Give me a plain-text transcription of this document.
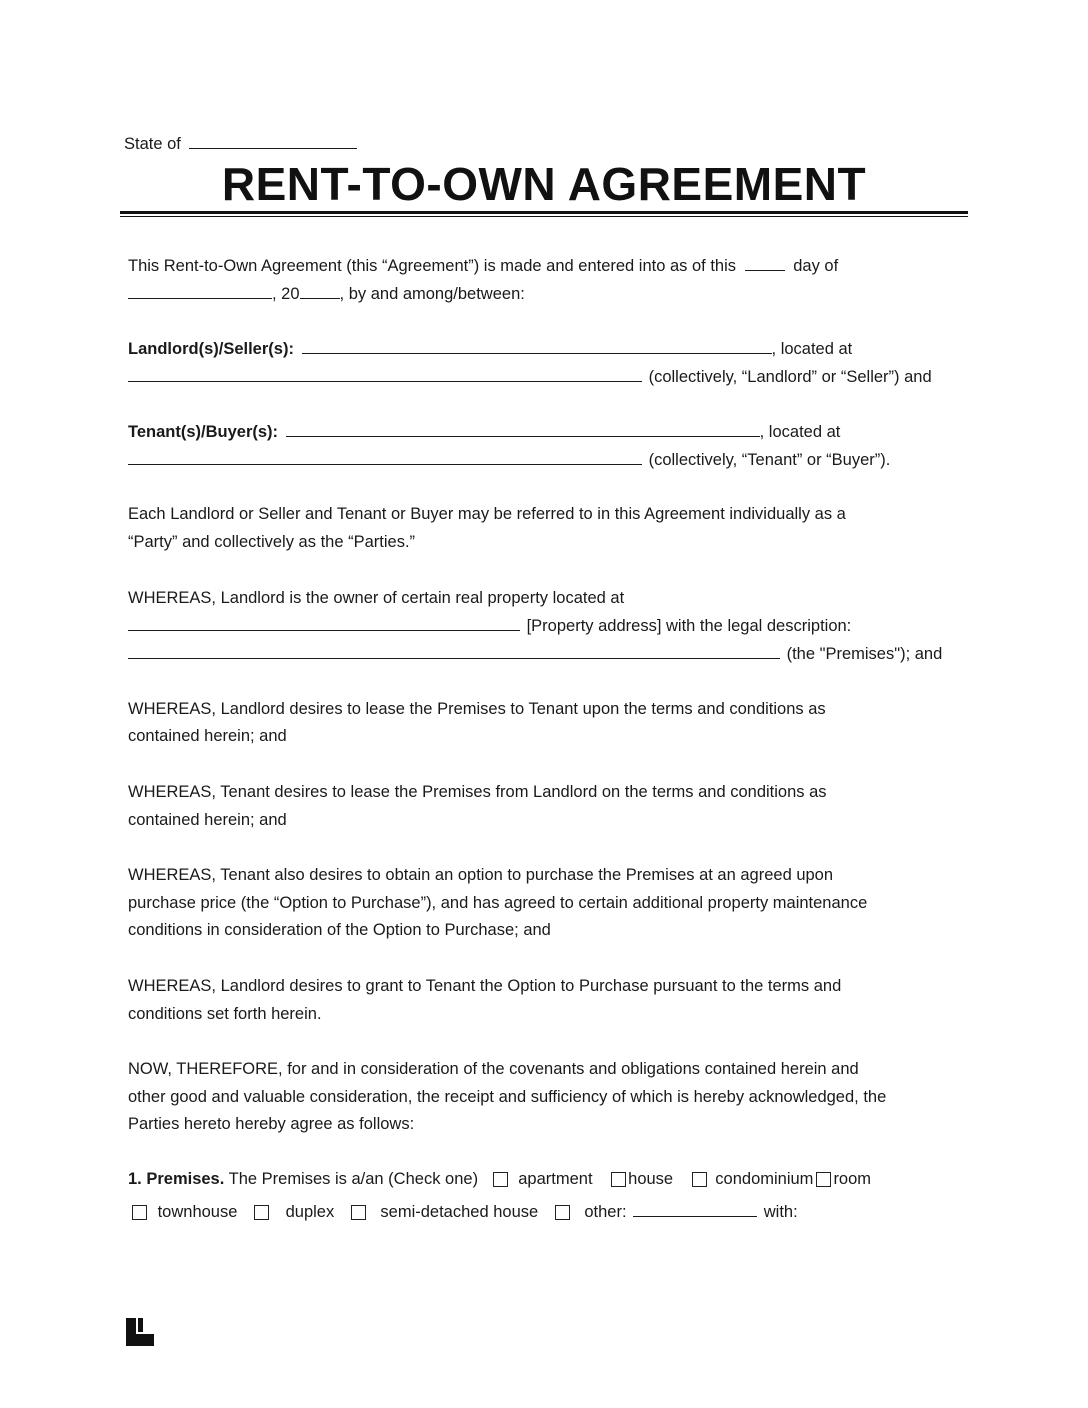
State of
RENT-TO-OWN AGREEMENT
This Rent-to-Own Agreement (this “Agreement”) is made and entered into as of this	day of
, 20 , by and among/between:
Landlord(s)/Seller(s):	, located at
(collectively, “Landlord” or “Seller”) and
Tenant(s)/Buyer(s):	, located at
(collectively, “Tenant” or “Buyer”).
Each Landlord or Seller and Tenant or Buyer may be referred to in this Agreement individually as a
“Party” and collectively as the “Parties.”
WHEREAS, Landlord is the owner of certain real property located at
[Property address] with the legal description:
(the "Premises"); and
WHEREAS, Landlord desires to lease the Premises to Tenant upon the terms and conditions as
contained herein; and
WHEREAS, Tenant desires to lease the Premises from Landlord on the terms and conditions as
contained herein; and
WHEREAS, Tenant also desires to obtain an option to purchase the Premises at an agreed upon
purchase price (the “Option to Purchase”), and has agreed to certain additional property maintenance
conditions in consideration of the Option to Purchase; and
WHEREAS, Landlord desires to grant to Tenant the Option to Purchase pursuant to the terms and
conditions set forth herein.
NOW, THEREFORE, for and in consideration of the covenants and obligations contained herein and
other good and valuable consideration, the receipt and sufficiency of which is hereby acknowledged, the
Parties hereto hereby agree as follows:
1. Premises. The Premises is a/an (Check one) apartment house	condominium room
townhouse	duplex	semi-detached house	other:	with:
